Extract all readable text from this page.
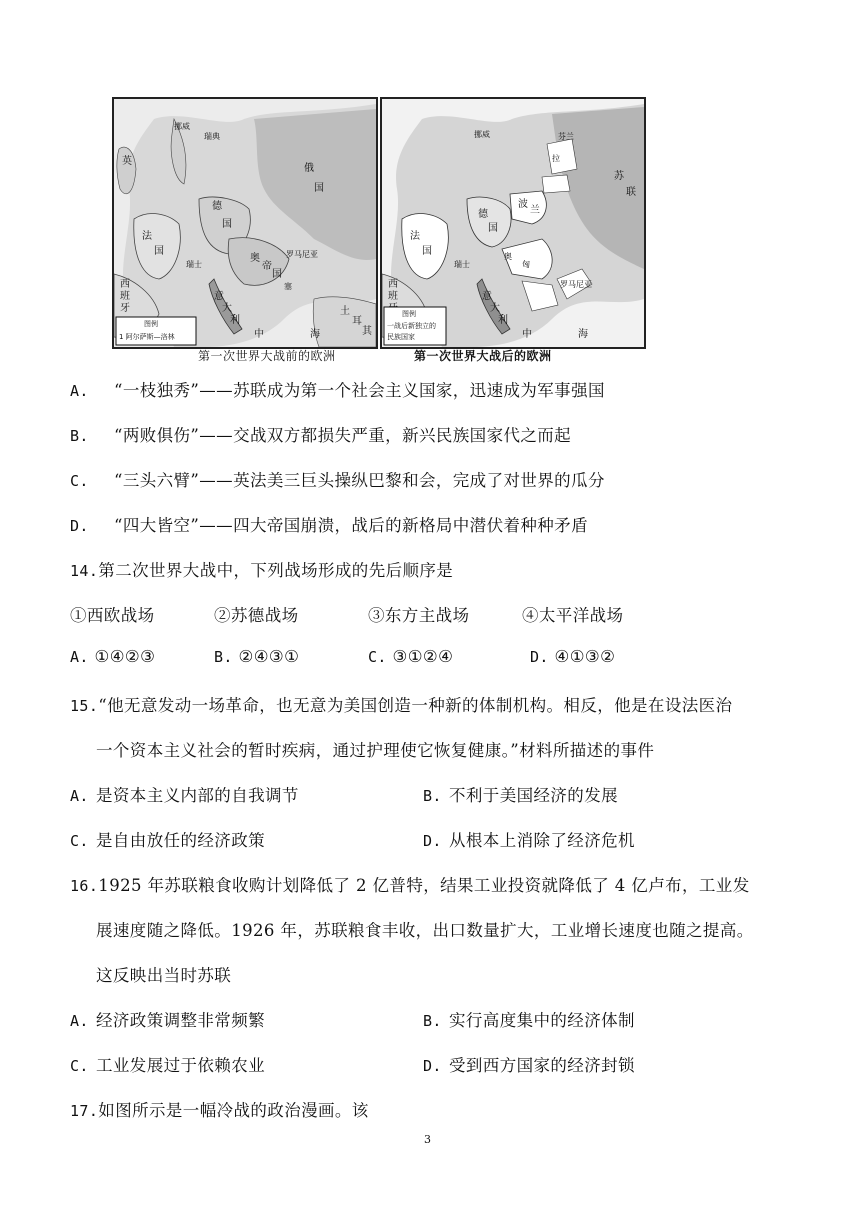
英
法
国
德
国
俄
国
奥
帝
国
西
班
牙
意
大
利
挪威
瑞典
瑞士
塞
罗马尼亚
土
耳
其
中	海
图例
1 阿尔萨斯—洛林
挪威
苏
联
法
国
德
国
波
兰
意
大
利
奥
匈
罗马尼亚
西
班
中	海
芬兰
拉
瑞士
图例
一战后新独立的
民族国家
第一次世界大战前的欧洲	第一次世界大战后的欧洲
A. “一枝独秀”——苏联成为第一个社会主义国家，迅速成为军事强国
B. “两败俱伤”——交战双方都损失严重，新兴民族国家代之而起
C. “三头六臂”——英法美三巨头操纵巴黎和会，完成了对世界的瓜分
D. “四大皆空”——四大帝国崩溃，战后的新格局中潜伏着种种矛盾
14.第二次世界大战中，下列战场形成的先后顺序是
①西欧战场	②苏德战场	③东方主战场	④太平洋战场
A. ①④②③	B. ②④③①	C. ③①②④	D. ④①③②
15.“他无意发动一场革命，也无意为美国创造一种新的体制机构。相反，他是在设法医治
一个资本主义社会的暂时疾病，通过护理使它恢复健康。”材料所描述的事件
A. 是资本主义内部的自我调节	B. 不利于美国经济的发展
C. 是自由放任的经济政策	D. 从根本上消除了经济危机
16.1925 年苏联粮食收购计划降低了 2 亿普特，结果工业投资就降低了 4 亿卢布，工业发
展速度随之降低。1926 年，苏联粮食丰收，出口数量扩大，工业增长速度也随之提高。
这反映出当时苏联
A. 经济政策调整非常频繁	B. 实行高度集中的经济体制
C. 工业发展过于依赖农业	D. 受到西方国家的经济封锁
17.如图所示是一幅冷战的政治漫画。该
3
